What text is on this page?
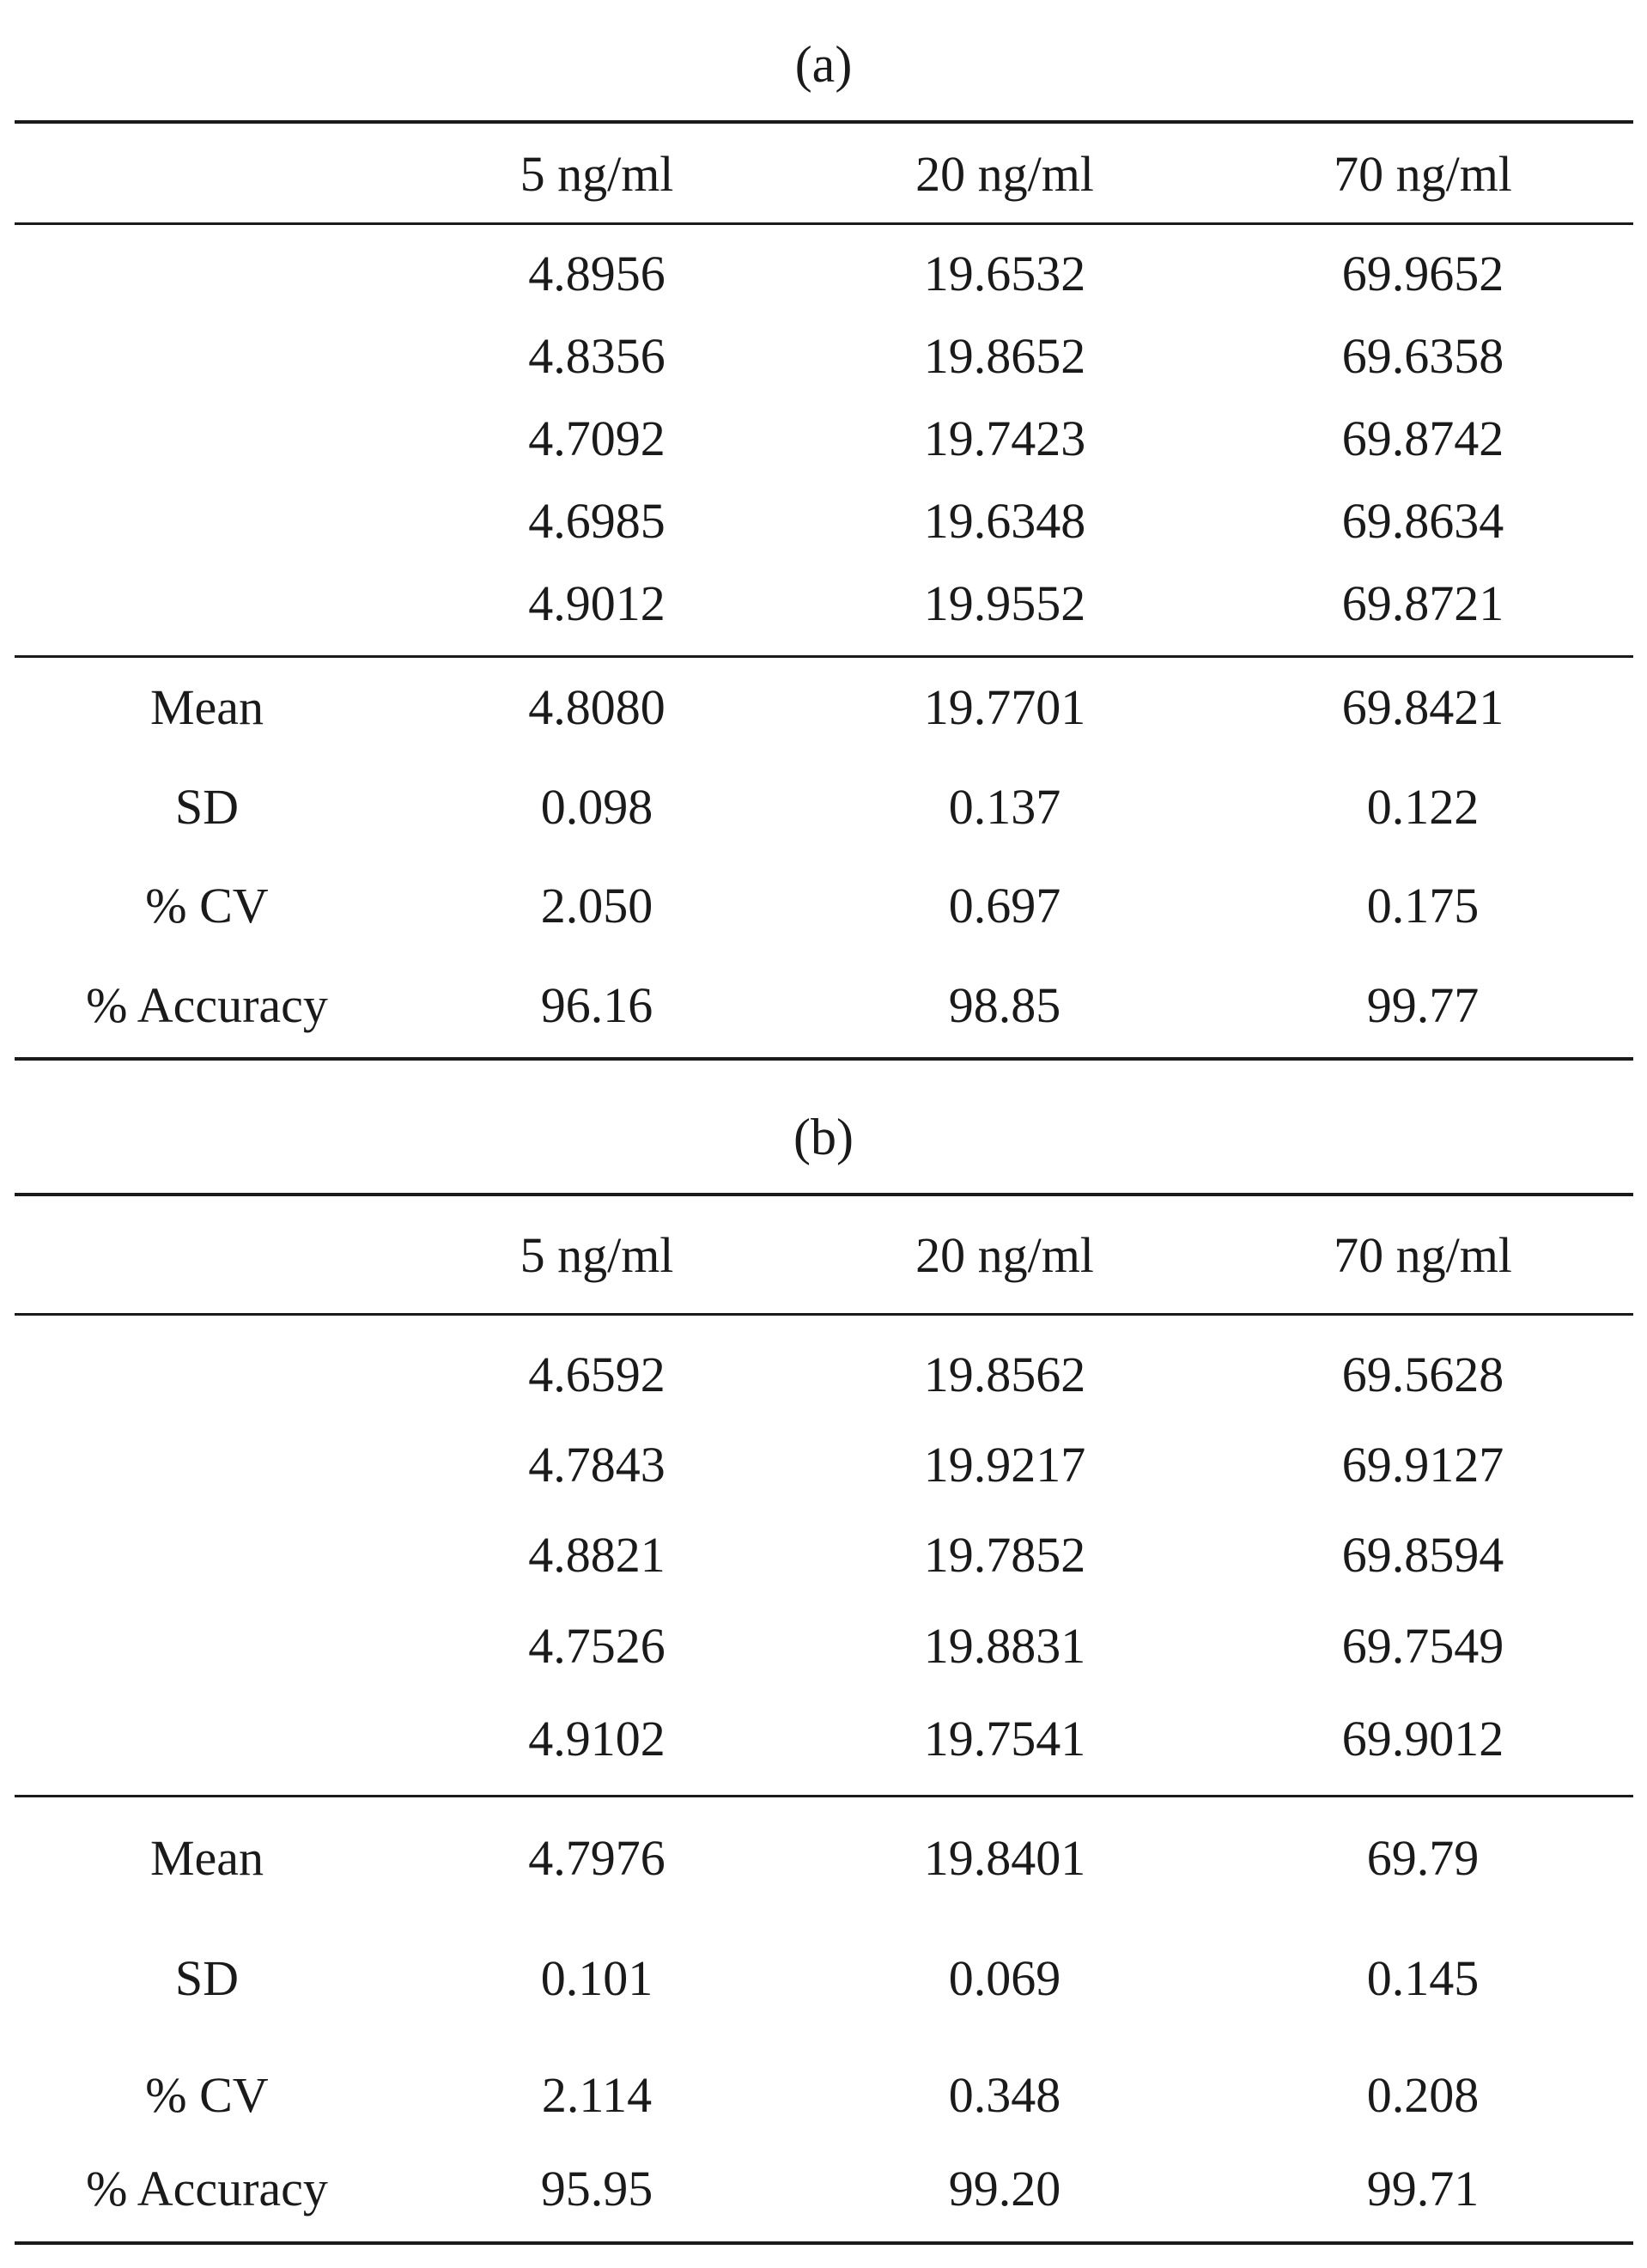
(a)
5 ng/ml	20 ng/ml	70 ng/ml
4.8956	19.6532	69.9652
4.8356	19.8652	69.6358
4.7092	19.7423	69.8742
4.6985	19.6348	69.8634
4.9012	19.9552	69.8721
Mean	4.8080	19.7701	69.8421
SD	0.098	0.137	0.122
% CV	2.050	0.697	0.175
% Accuracy	96.16	98.85	99.77
(b)
5 ng/ml	20 ng/ml	70 ng/ml
4.6592	19.8562	69.5628
4.7843	19.9217	69.9127
4.8821	19.7852	69.8594
4.7526	19.8831	69.7549
4.9102	19.7541	69.9012
Mean	4.7976	19.8401	69.79
SD	0.101	0.069	0.145
% CV	2.114	0.348	0.208
% Accuracy	95.95	99.20	99.71
